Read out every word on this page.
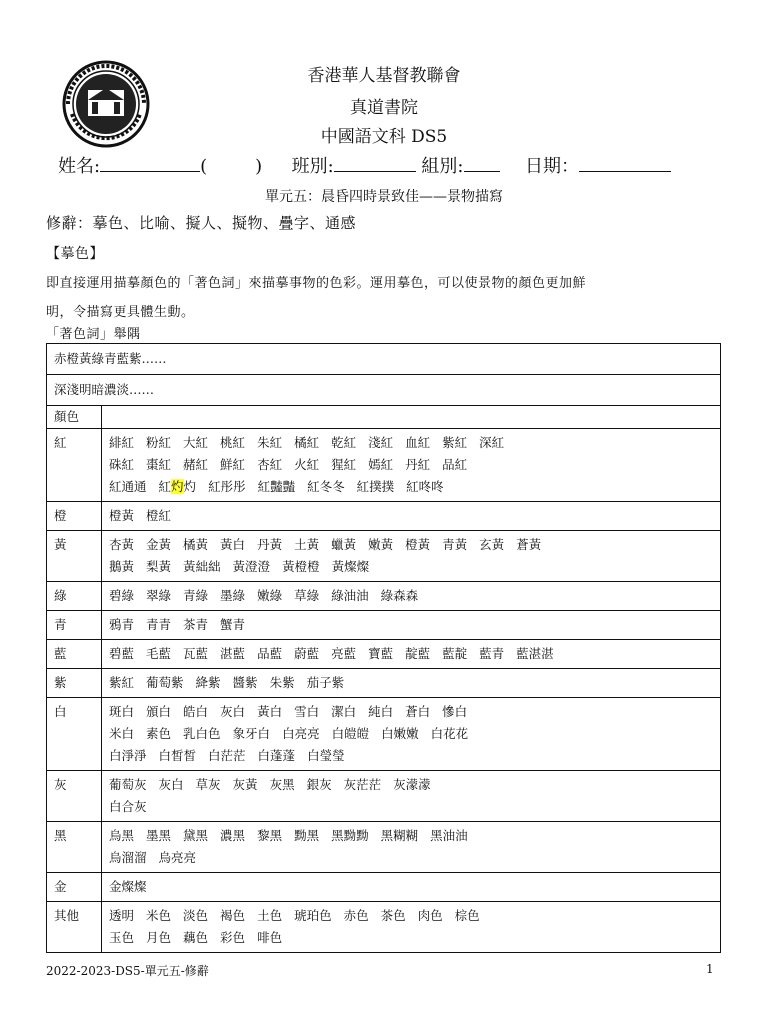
香港華人基督教聯會
真道書院
中國語文科 DS5
姓名:	(	) 班別:	組別:	日期：
單元五：晨昏四時景致佳——景物描寫
修辭：摹色、比喻、擬人、擬物、疊字、通感
【摹色】
即直接運用描摹顏色的「著色詞」來描摹事物的色彩。運用摹色，可以使景物的顏色更加鮮
明，令描寫更具體生動。
「著色詞」舉隅
赤橙黃綠青藍紫……	
深淺明暗濃淡……	
顏色	
紅	緋紅 粉紅 大紅 桃紅 朱紅 橘紅 乾紅 淺紅 血紅 紫紅 深紅
硃紅 棗紅 赭紅 鮮紅 杏紅 火紅 猩紅 嫣紅 丹紅 品紅
紅通通 紅灼灼 紅彤彤 紅豔豔 紅冬冬 紅撲撲 紅咚咚

橙	橙黃 橙紅

黃	杏黃 金黃 橘黃 黃白 丹黃 土黃 蠟黃 嫩黃 橙黃 青黃 玄黃 蒼黃
鵝黃 梨黃 黃絀絀 黃澄澄 黃橙橙 黃燦燦

綠	碧綠 翠綠 青綠 墨綠 嫩綠 草綠 綠油油 綠森森

青	鴉青 青青 茶青 蟹青

藍	碧藍 毛藍 瓦藍 湛藍 品藍 蔚藍 亮藍 寶藍 靛藍 藍靛 藍青 藍湛湛

紫	紫紅 葡萄紫 絳紫 醬紫 朱紫 茄子紫

白	斑白 頒白 皓白 灰白 黃白 雪白 潔白 純白 蒼白 慘白
米白 素色 乳白色 象牙白 白亮亮 白皚皚 白嫩嫩 白花花
白淨淨 白皙皙 白茫茫 白蓬蓬 白瑩瑩

灰	葡萄灰 灰白 草灰 灰黃 灰黑 銀灰 灰茫茫 灰濛濛
白合灰

黑	烏黑 墨黑 黛黑 濃黑 黎黑 黝黑 黑黝黝 黑糊糊 黑油油
烏溜溜 烏亮亮

金	金燦燦

其他	透明 米色 淡色 褐色 土色 琥珀色 赤色 茶色 肉色 棕色
玉色 月色 藕色 彩色 啡色
2022-2023-DS5-單元五-修辭	1
